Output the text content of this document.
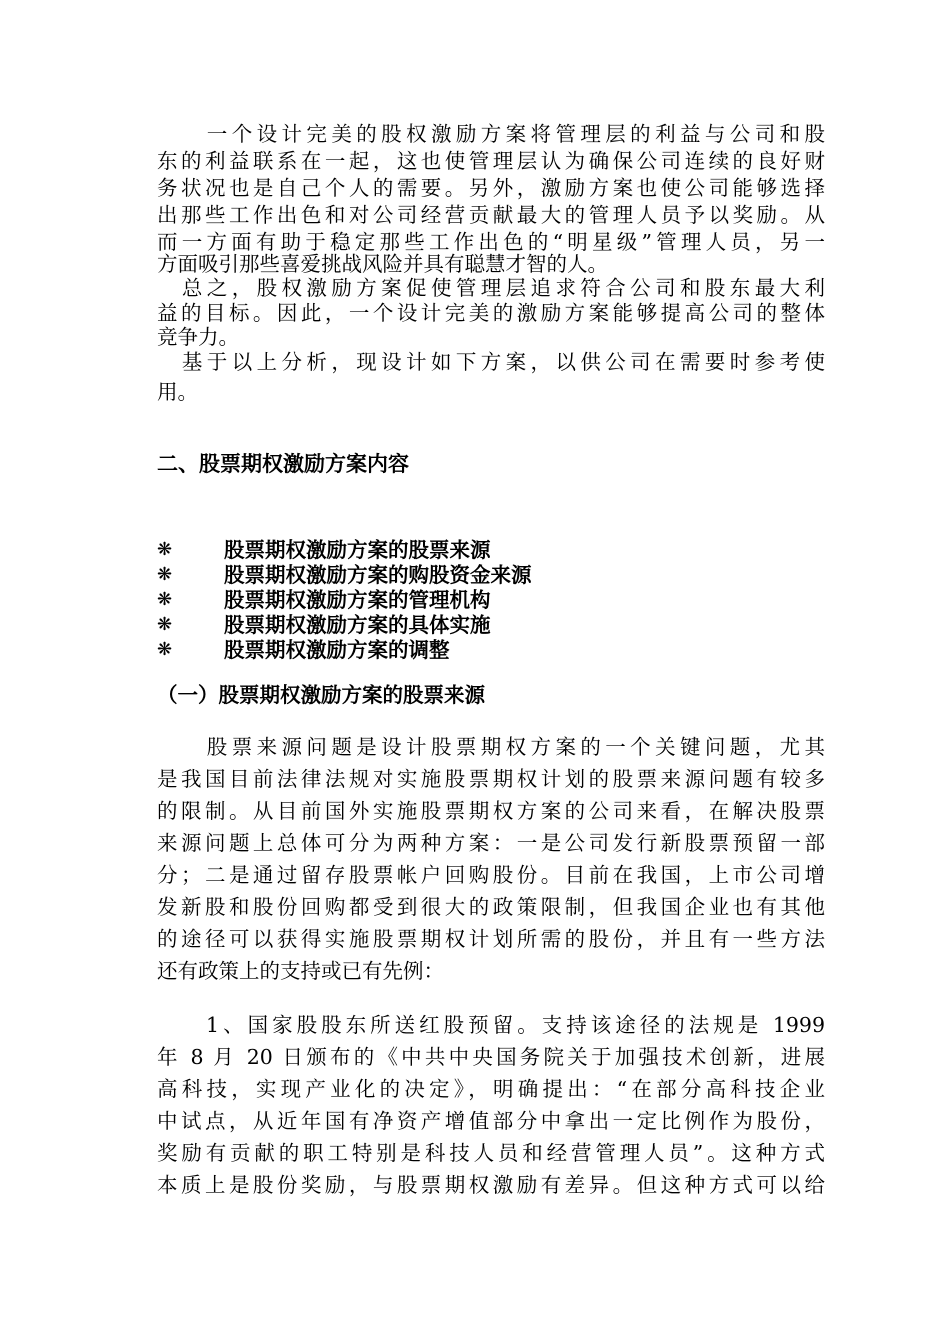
　　一个设计完美的股权激励方案将管理层的利益与公司和股
东的利益联系在一起，这也使管理层认为确保公司连续的良好财
务状况也是自己个人的需要。另外，激励方案也使公司能够选择
出那些工作出色和对公司经营贡献最大的管理人员予以奖励。从
而一方面有助于稳定那些工作出色的“明星级”管理人员，另一
方面吸引那些喜爱挑战风险并具有聪慧才智的人。
　总之，股权激励方案促使管理层追求符合公司和股东最大利
益的目标。因此，一个设计完美的激励方案能够提高公司的整体
竞争力。
　基于以上分析，现设计如下方案，以供公司在需要时参考使
用。
二、股票期权激励方案内容
❋	股票期权激励方案的股票来源
❋	股票期权激励方案的购股资金来源
❋	股票期权激励方案的管理机构
❋	股票期权激励方案的具体实施
❋	股票期权激励方案的调整
（一）股票期权激励方案的股票来源
　　股票来源问题是设计股票期权方案的一个关键问题，尤其
是我国目前法律法规对实施股票期权计划的股票来源问题有较多
的限制。从目前国外实施股票期权方案的公司来看，在解决股票
来源问题上总体可分为两种方案：一是公司发行新股票预留一部
分；二是通过留存股票帐户回购股份。目前在我国，上市公司增
发新股和股份回购都受到很大的政策限制，但我国企业也有其他
的途径可以获得实施股票期权计划所需的股份，并且有一些方法
还有政策上的支持或已有先例：
　　1、国家股股东所送红股预留。支持该途径的法规是 1999
年 8 月 20 日颁布的《中共中央国务院关于加强技术创新，进展
高科技，实现产业化的决定》，明确提出：“在部分高科技企业
中试点，从近年国有净资产增值部分中拿出一定比例作为股份，
奖励有贡献的职工特别是科技人员和经营管理人员”。这种方式
本质上是股份奖励，与股票期权激励有差异。但这种方式可以给
